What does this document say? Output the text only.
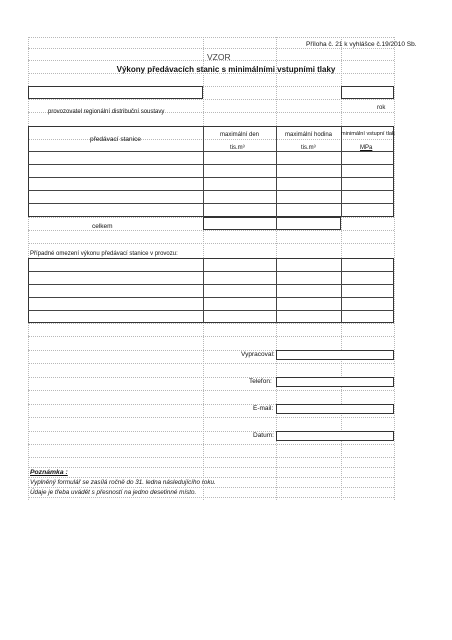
Příloha č. 21 k vyhlášce č.19/2010 Sb.
VZOR
Výkony předávacích stanic s minimálními vstupními tlaky
provozovatel regionální distribuční soustavy
rok
předávací stanice
maximální den	maximální hodina	minimální vstupní tlak
tis.m³	tis.m³	MPa
celkem
Případné omezení výkonu předávací stanice v provozu:
Vypracoval:
Telefon:
E-mail:
Datum:
Poznámka :
Vyplněný formulář se zasílá ročně do 31. ledna následujícího roku.
Údaje je třeba uvádět s přesností na jedno desetinné místo.
